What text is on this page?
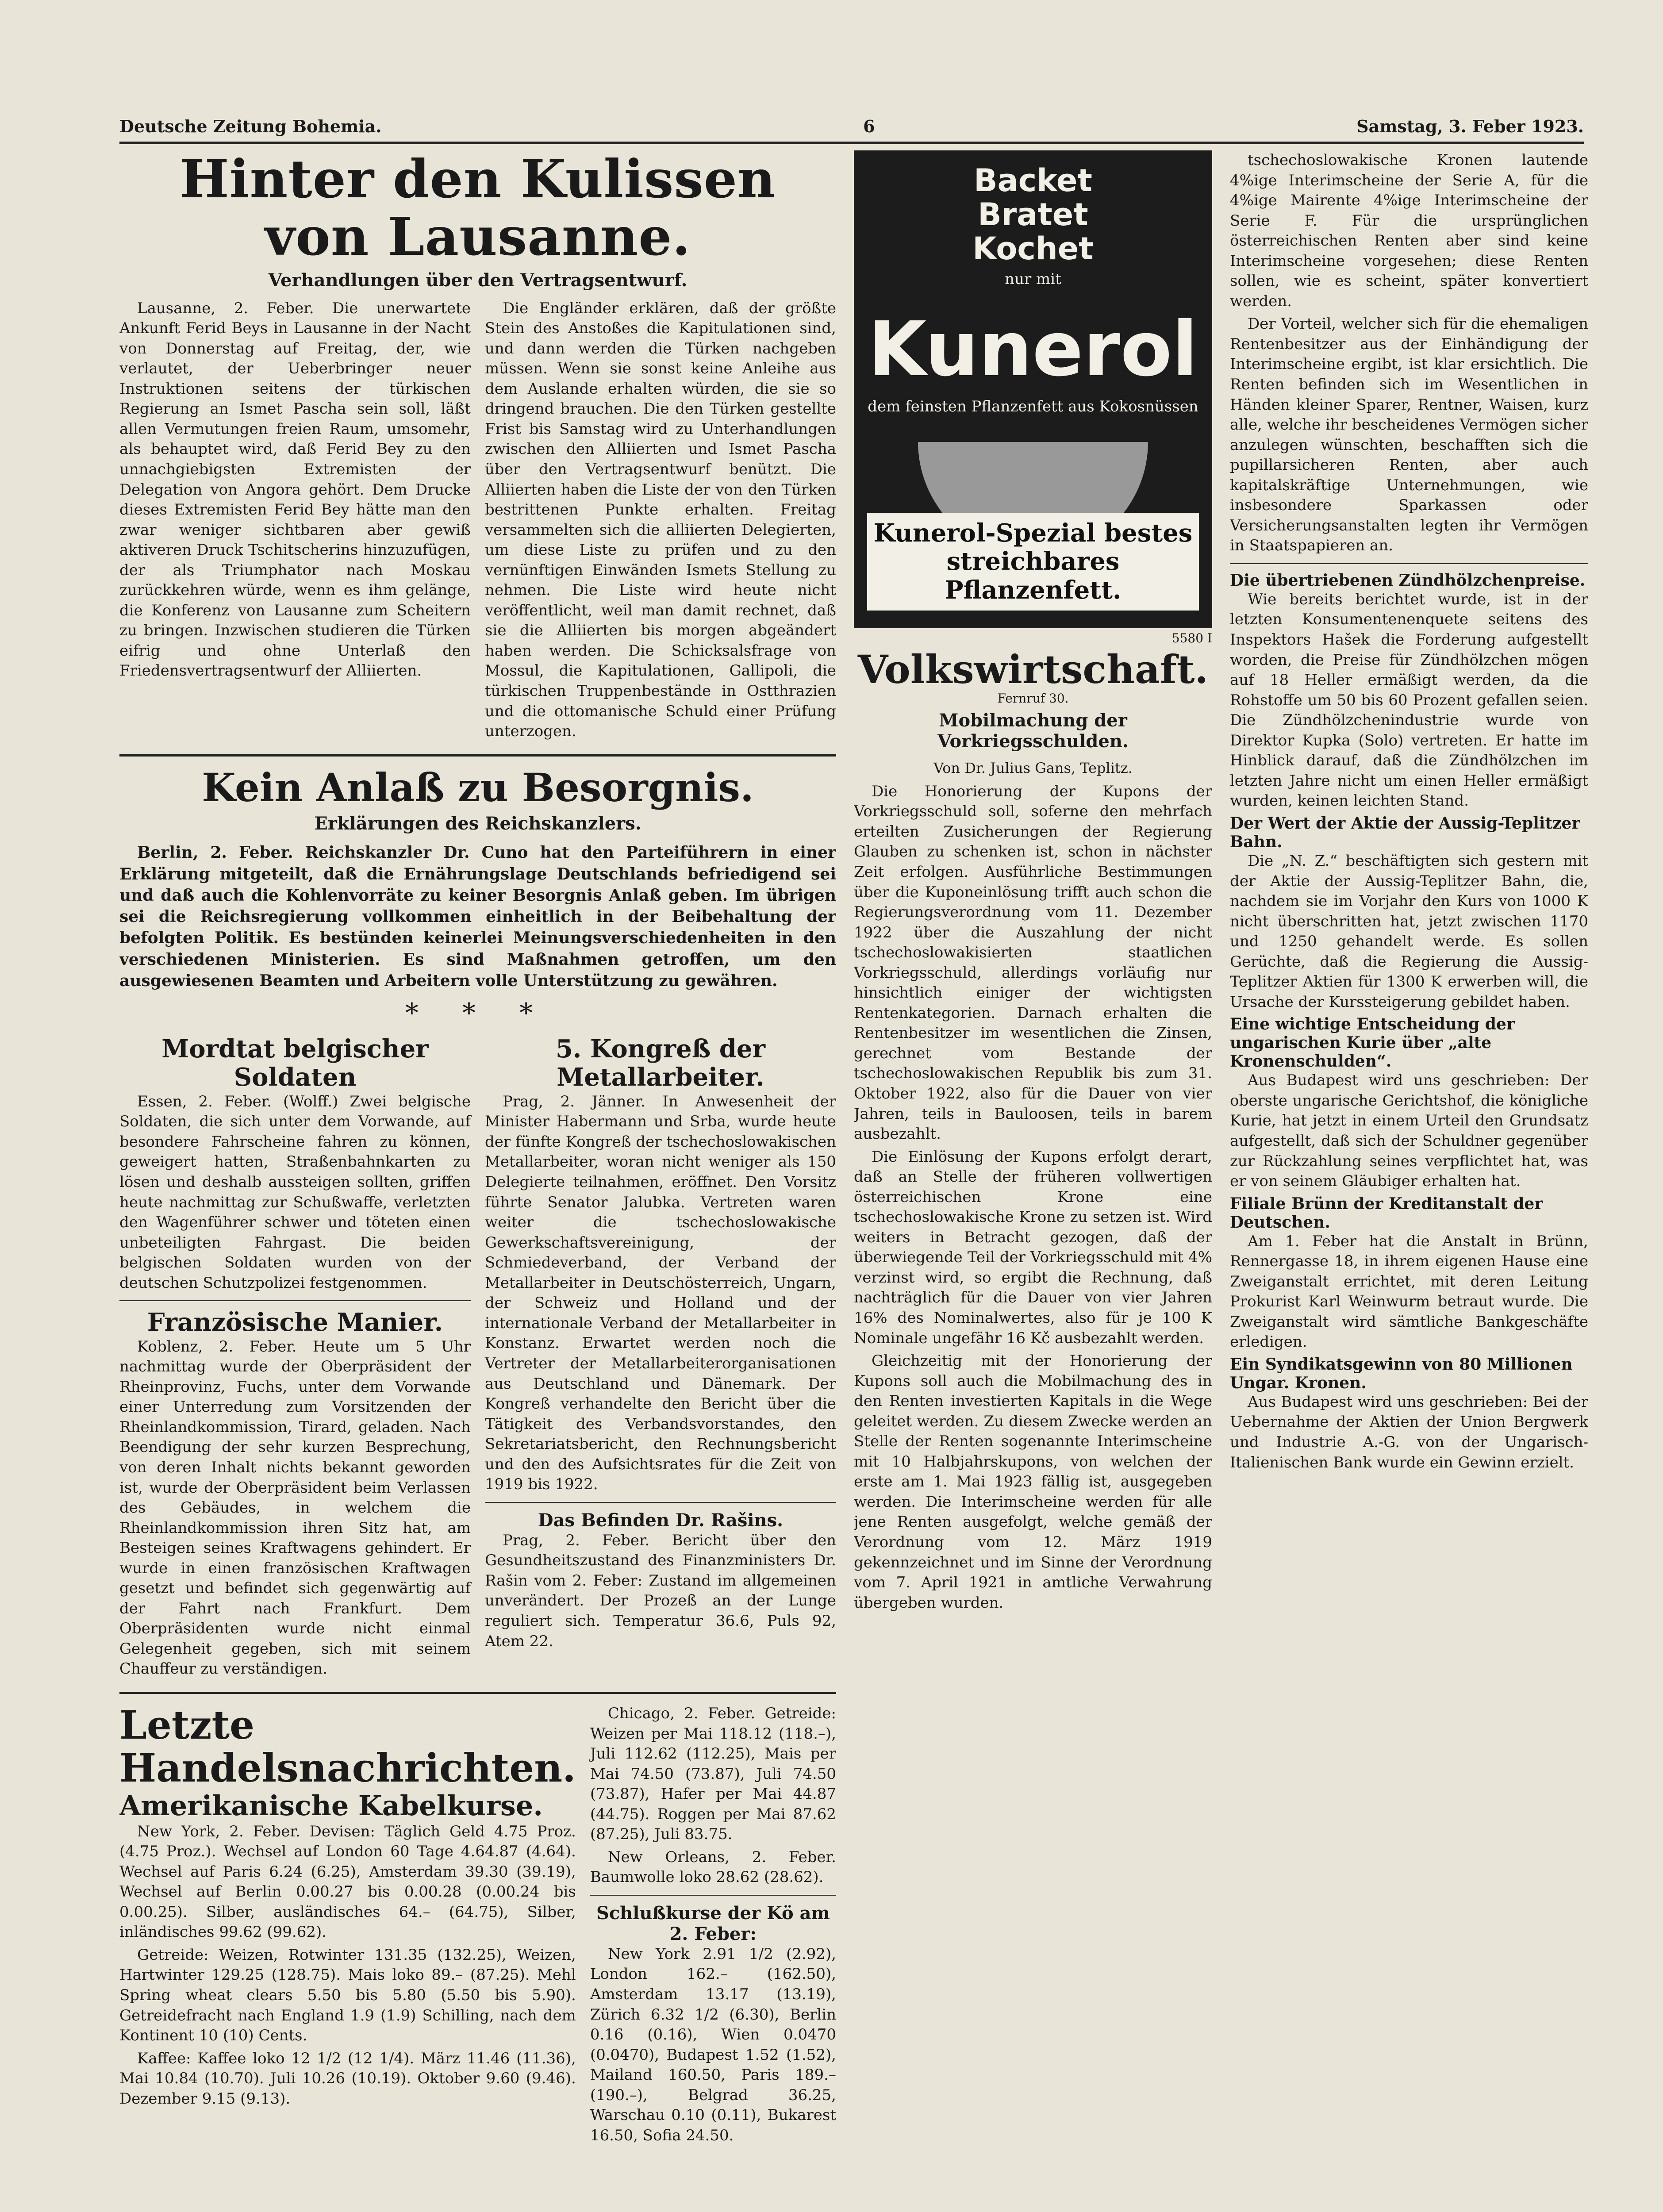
Deutsche Zeitung Bohemia.	6	Samstag, 3. Feber 1923.
Hinter den Kulissen von Lausanne.
Verhandlungen über den Vertragsentwurf.

Lausanne, 2. Feber. Die unerwartete Ankunft Ferid Beys in Lausanne in der Nacht von Donnerstag auf Freitag, der, wie verlautet, der Ueberbringer neuer Instruktionen seitens der türkischen Regierung an Ismet Pascha sein soll, läßt allen Vermutungen freien Raum, umsomehr, als behauptet wird, daß Ferid Bey zu den unnachgiebigsten Extremisten der Delegation von Angora gehört. Dem Drucke dieses Extremisten Ferid Bey hätte man den zwar weniger sichtbaren aber gewiß aktiveren Druck Tschitscherins hinzuzufügen, der als Triumphator nach Moskau zurückkehren würde, wenn es ihm gelänge, die Konferenz von Lausanne zum Scheitern zu bringen. Inzwischen studieren die Türken eifrig und ohne Unterlaß den Friedensvertragsentwurf der Alliierten.

Die Engländer erklären, daß der größte Stein des Anstoßes die Kapitulationen sind, und dann werden die Türken nachgeben müssen. Wenn sie sonst keine Anleihe aus dem Auslande erhalten würden, die sie so dringend brauchen. Die den Türken gestellte Frist bis Samstag wird zu Unterhandlungen zwischen den Alliierten und Ismet Pascha über den Vertragsentwurf benützt. Die Alliierten haben die Liste der von den Türken bestrittenen Punkte erhalten. Freitag versammelten sich die alliierten Delegierten, um diese Liste zu prüfen und zu den vernünftigen Einwänden Ismets Stellung zu nehmen. Die Liste wird heute nicht veröffentlicht, weil man damit rechnet, daß sie die Alliierten bis morgen abgeändert haben werden. Die Schicksalsfrage von Mossul, die Kapitulationen, Gallipoli, die türkischen Truppenbestände in Ostthrazien und die ottomanische Schuld einer Prüfung unterzogen.

Kein Anlaß zu Besorgnis.
Erklärungen des Reichskanzlers.

Berlin, 2. Feber. Reichskanzler Dr. Cuno hat den Parteiführern in einer Erklärung mitgeteilt, daß die Ernährungslage Deutschlands befriedigend sei und daß auch die Kohlenvorräte zu keiner Besorgnis Anlaß geben. Im übrigen sei die Reichsregierung vollkommen einheitlich in der Beibehaltung der befolgten Politik. Es bestünden keinerlei Meinungsverschiedenheiten in den verschiedenen Ministerien. Es sind Maßnahmen getroffen, um den ausgewiesenen Beamten und Arbeitern volle Unterstützung zu gewähren.

* * *
Mordtat belgischer Soldaten

Essen, 2. Feber. (Wolff.) Zwei belgische Soldaten, die sich unter dem Vorwande, auf besondere Fahrscheine fahren zu können, geweigert hatten, Straßenbahnkarten zu lösen und deshalb aussteigen sollten, griffen heute nachmittag zur Schußwaffe, verletzten den Wagenführer schwer und töteten einen unbeteiligten Fahrgast. Die beiden belgischen Soldaten wurden von der deutschen Schutzpolizei festgenommen.

Französische Manier.

Koblenz, 2. Feber. Heute um 5 Uhr nachmittag wurde der Oberpräsident der Rheinprovinz, Fuchs, unter dem Vorwande einer Unterredung zum Vorsitzenden der Rheinlandkommission, Tirard, geladen. Nach Beendigung der sehr kurzen Besprechung, von deren Inhalt nichts bekannt geworden ist, wurde der Oberpräsident beim Verlassen des Gebäudes, in welchem die Rheinlandkommission ihren Sitz hat, am Besteigen seines Kraftwagens gehindert. Er wurde in einen französischen Kraftwagen gesetzt und befindet sich gegenwärtig auf der Fahrt nach Frankfurt. Dem Oberpräsidenten wurde nicht einmal Gelegenheit gegeben, sich mit seinem Chauffeur zu verständigen.

5. Kongreß der Metallarbeiter.

Prag, 2. Jänner. In Anwesenheit der Minister Habermann und Srba, wurde heute der fünfte Kongreß der tschechoslowakischen Metallarbeiter, woran nicht weniger als 150 Delegierte teilnahmen, eröffnet. Den Vorsitz führte Senator Jalubka. Vertreten waren weiter die tschechoslowakische Gewerkschaftsvereinigung, der Schmiedeverband, der Verband der Metallarbeiter in Deutschösterreich, Ungarn, der Schweiz und Holland und der internationale Verband der Metallarbeiter in Konstanz. Erwartet werden noch die Vertreter der Metallarbeiterorganisationen aus Deutschland und Dänemark. Der Kongreß verhandelte den Bericht über die Tätigkeit des Verbandsvorstandes, den Sekretariatsbericht, den Rechnungsbericht und den des Aufsichtsrates für die Zeit von 1919 bis 1922.

Das Befinden Dr. Rašins.

Prag, 2. Feber. Bericht über den Gesundheitszustand des Finanzministers Dr. Rašin vom 2. Feber: Zustand im allgemeinen unverändert. Der Prozeß an der Lunge reguliert sich. Temperatur 36.6, Puls 92, Atem 22.

Letzte Handelsnachrichten.
Amerikanische Kabelkurse.

New York, 2. Feber. Devisen: Täglich Geld 4.75 Proz. (4.75 Proz.). Wechsel auf London 60 Tage 4.64.87 (4.64). Wechsel auf Paris 6.24 (6.25), Amsterdam 39.30 (39.19), Wechsel auf Berlin 0.00.27 bis 0.00.28 (0.00.24 bis 0.00.25). Silber, ausländisches 64.– (64.75), Silber, inländisches 99.62 (99.62).

Getreide: Weizen, Rotwinter 131.35 (132.25), Weizen, Hartwinter 129.25 (128.75). Mais loko 89.– (87.25). Mehl Spring wheat clears 5.50 bis 5.80 (5.50 bis 5.90). Getreidefracht nach England 1.9 (1.9) Schilling, nach dem Kontinent 10 (10) Cents.

Kaffee: Kaffee loko 12 1/2 (12 1/4). März 11.46 (11.36), Mai 10.84 (10.70). Juli 10.26 (10.19). Oktober 9.60 (9.46). Dezember 9.15 (9.13).

Chicago, 2. Feber. Getreide: Weizen per Mai 118.12 (118.–), Juli 112.62 (112.25), Mais per Mai 74.50 (73.87), Juli 74.50 (73.87), Hafer per Mai 44.87 (44.75). Roggen per Mai 87.62 (87.25), Juli 83.75.

New Orleans, 2. Feber. Baumwolle loko 28.62 (28.62).

Schlußkurse der Kö am 2. Feber:

New York 2.91 1/2 (2.92), London 162.– (162.50), Amsterdam 13.17 (13.19), Zürich 6.32 1/2 (6.30), Berlin 0.16 (0.16), Wien 0.0470 (0.0470), Budapest 1.52 (1.52), Mailand 160.50, Paris 189.– (190.–), Belgrad 36.25, Warschau 0.10 (0.11), Bukarest 16.50, Sofia 24.50.

Backet
Bratet
Kochet
nur mit
Kunerol
dem feinsten Pflanzenfett aus Kokosnüssen
Kunerol-Spezial bestes streichbares Pflanzenfett.
5580 I
Volkswirtschaft.
Fernruf 30.
Mobilmachung der Vorkriegsschulden.
Von Dr. Julius Gans, Teplitz.

Die Honorierung der Kupons der Vorkriegsschuld soll, soferne den mehrfach erteilten Zusicherungen der Regierung Glauben zu schenken ist, schon in nächster Zeit erfolgen. Ausführliche Bestimmungen über die Kuponeinlösung trifft auch schon die Regierungsverordnung vom 11. Dezember 1922 über die Auszahlung der nicht tschechoslowakisierten staatlichen Vorkriegsschuld, allerdings vorläufig nur hinsichtlich einiger der wichtigsten Rentenkategorien. Darnach erhalten die Rentenbesitzer im wesentlichen die Zinsen, gerechnet vom Bestande der tschechoslowakischen Republik bis zum 31. Oktober 1922, also für die Dauer von vier Jahren, teils in Bauloosen, teils in barem ausbezahlt.

Die Einlösung der Kupons erfolgt derart, daß an Stelle der früheren vollwertigen österreichischen Krone eine tschechoslowakische Krone zu setzen ist. Wird weiters in Betracht gezogen, daß der überwiegende Teil der Vorkriegsschuld mit 4% verzinst wird, so ergibt die Rechnung, daß nachträglich für die Dauer von vier Jahren 16% des Nominalwertes, also für je 100 K Nominale ungefähr 16 Kč ausbezahlt werden.

Gleichzeitig mit der Honorierung der Kupons soll auch die Mobilmachung des in den Renten investierten Kapitals in die Wege geleitet werden. Zu diesem Zwecke werden an Stelle der Renten sogenannte Interimscheine mit 10 Halbjahrskupons, von welchen der erste am 1. Mai 1923 fällig ist, ausgegeben werden. Die Interimscheine werden für alle jene Renten ausgefolgt, welche gemäß der Verordnung vom 12. März 1919 gekennzeichnet und im Sinne der Verordnung vom 7. April 1921 in amtliche Verwahrung übergeben wurden.

tschechoslowakische Kronen lautende 4%ige Interimscheine der Serie A, für die 4%ige Mairente 4%ige Interimscheine der Serie F. Für die ursprünglichen österreichischen Renten aber sind keine Interimscheine vorgesehen; diese Renten sollen, wie es scheint, später konvertiert werden.

Der Vorteil, welcher sich für die ehemaligen Rentenbesitzer aus der Einhändigung der Interimscheine ergibt, ist klar ersichtlich. Die Renten befinden sich im Wesentlichen in Händen kleiner Sparer, Rentner, Waisen, kurz alle, welche ihr bescheidenes Vermögen sicher anzulegen wünschten, beschafften sich die pupillarsicheren Renten, aber auch kapitalskräftige Unternehmungen, wie insbesondere Sparkassen oder Versicherungsanstalten legten ihr Vermögen in Staatspapieren an.

Die übertriebenen Zündhölzchenpreise.

Wie bereits berichtet wurde, ist in der letzten Konsumentenenquete seitens des Inspektors Hašek die Forderung aufgestellt worden, die Preise für Zündhölzchen mögen auf 18 Heller ermäßigt werden, da die Rohstoffe um 50 bis 60 Prozent gefallen seien. Die Zündhölzchenindustrie wurde von Direktor Kupka (Solo) vertreten. Er hatte im Hinblick darauf, daß die Zündhölzchen im letzten Jahre nicht um einen Heller ermäßigt wurden, keinen leichten Stand.

Der Wert der Aktie der Aussig-Teplitzer Bahn.

Die „N. Z.“ beschäftigten sich gestern mit der Aktie der Aussig-Teplitzer Bahn, die, nachdem sie im Vorjahr den Kurs von 1000 K nicht überschritten hat, jetzt zwischen 1170 und 1250 gehandelt werde. Es sollen Gerüchte, daß die Regierung die Aussig-Teplitzer Aktien für 1300 K erwerben will, die Ursache der Kurssteigerung gebildet haben.

Eine wichtige Entscheidung der ungarischen Kurie über „alte Kronenschulden“.

Aus Budapest wird uns geschrieben: Der oberste ungarische Gerichtshof, die königliche Kurie, hat jetzt in einem Urteil den Grundsatz aufgestellt, daß sich der Schuldner gegenüber zur Rückzahlung seines verpflichtet hat, was er von seinem Gläubiger erhalten hat.

Filiale Brünn der Kreditanstalt der Deutschen.

Am 1. Feber hat die Anstalt in Brünn, Rennergasse 18, in ihrem eigenen Hause eine Zweiganstalt errichtet, mit deren Leitung Prokurist Karl Weinwurm betraut wurde. Die Zweiganstalt wird sämtliche Bankgeschäfte erledigen.

Ein Syndikatsgewinn von 80 Millionen Ungar. Kronen.

Aus Budapest wird uns geschrieben: Bei der Uebernahme der Aktien der Union Bergwerk und Industrie A.-G. von der Ungarisch-Italienischen Bank wurde ein Gewinn erzielt.
